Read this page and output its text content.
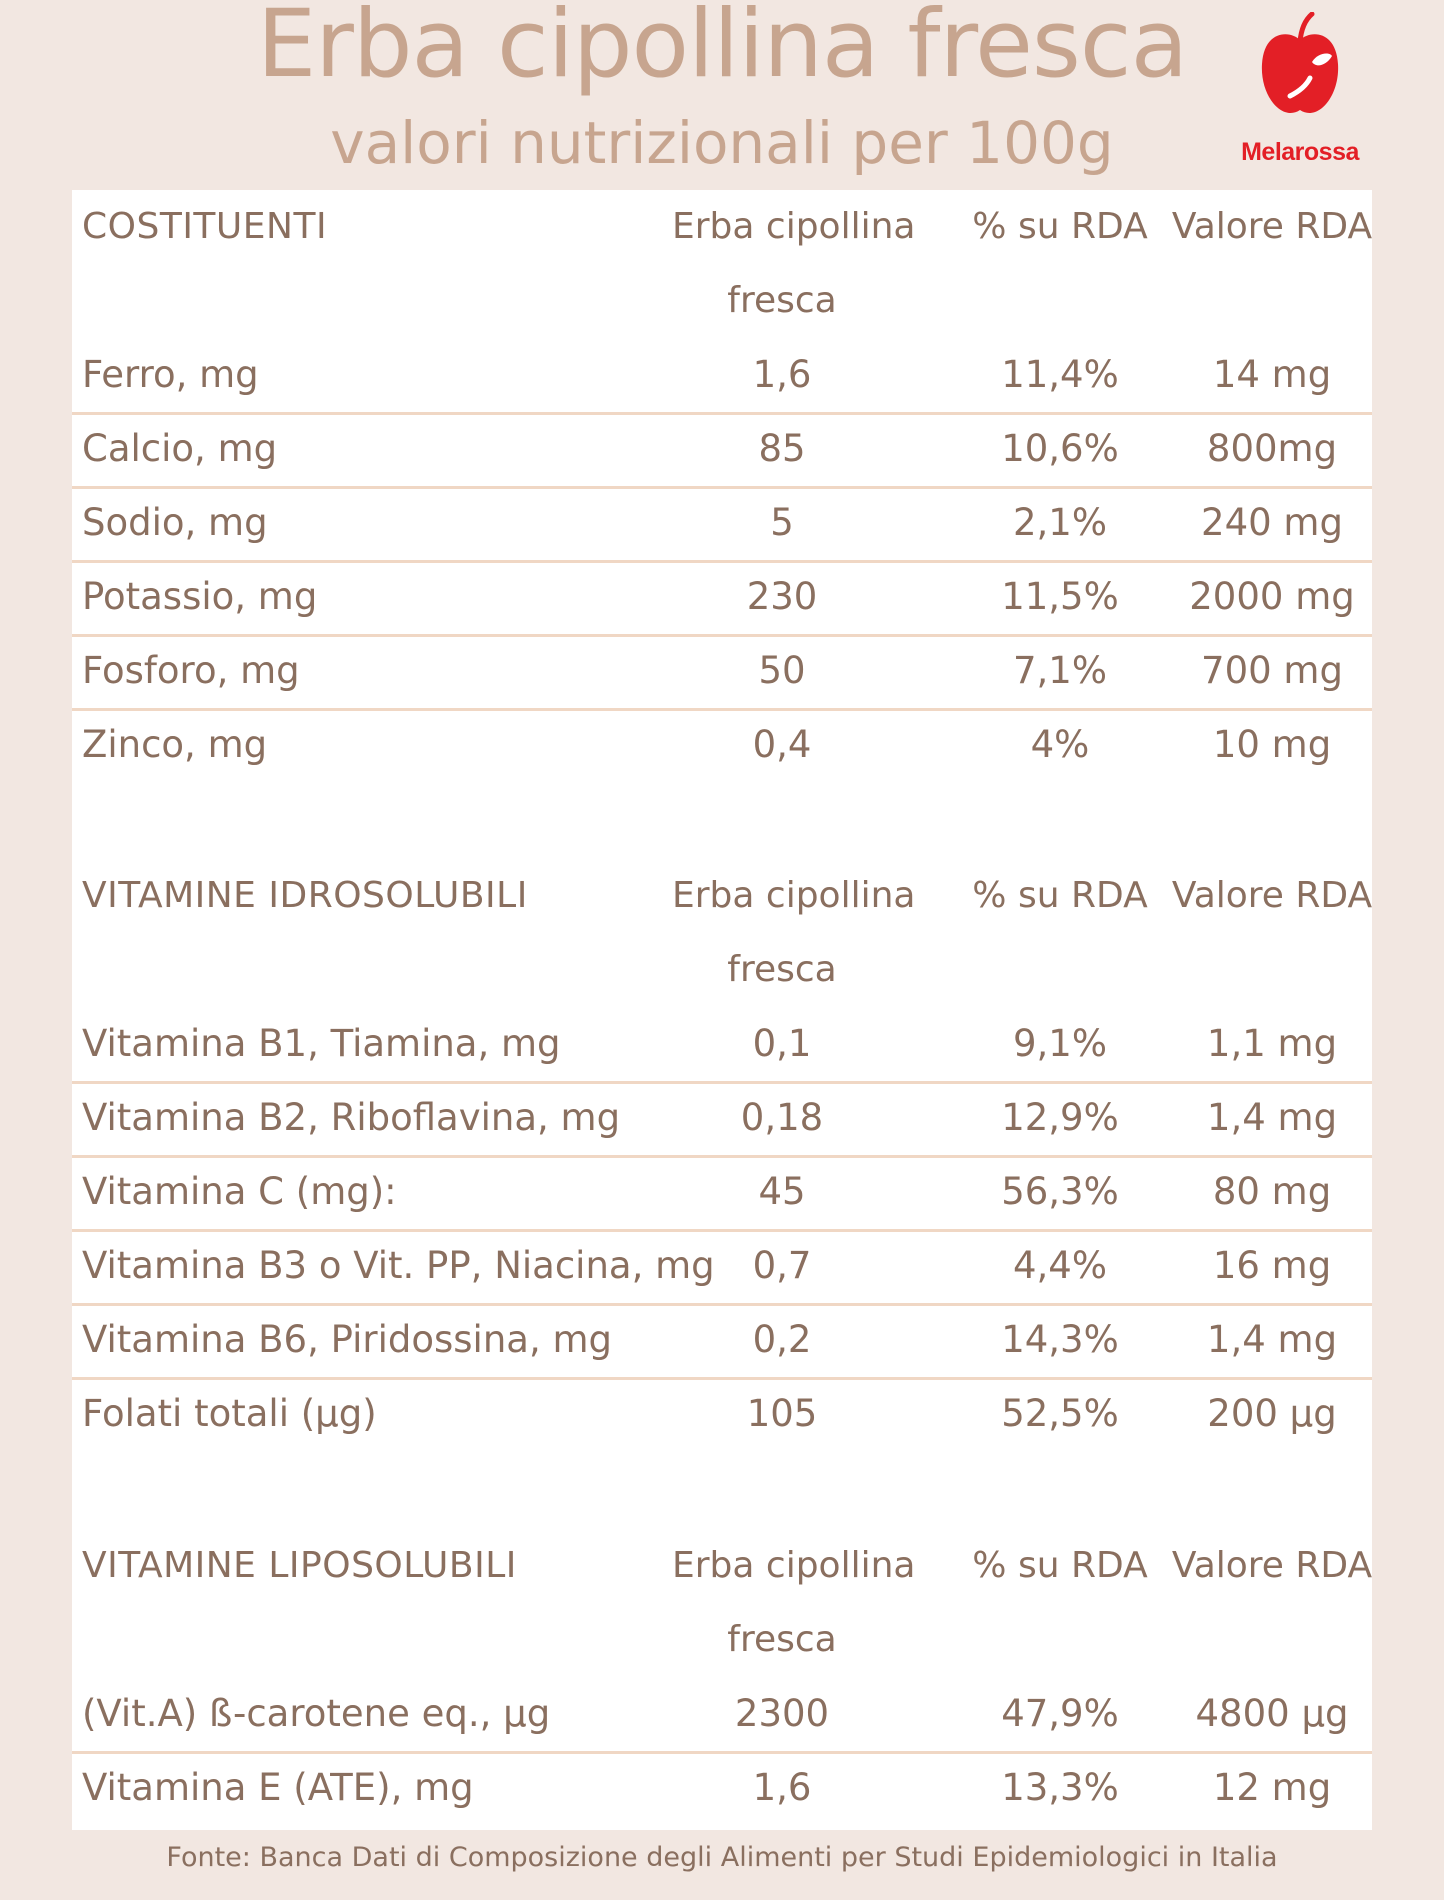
Erba cipollina fresca
valori nutrizionali per 100g	Melarossa
COSTITUENTI	Erba cipollina	% su RDA Valore RDA
fresca
Ferro, mg	1,6	11,4%	14 mg
Calcio, mg	85	10,6%	800mg
Sodio, mg	5	2,1%	240 mg
Potassio, mg	230	11,5%	2000 mg
Fosforo, mg	50	7,1%	700 mg
Zinco, mg	0,4	4%	10 mg
VITAMINE IDROSOLUBILI	Erba cipollina	% su RDA Valore RDA
fresca
Vitamina B1, Tiamina, mg	0,1	9,1%	1,1 mg
Vitamina B2, Riboflavina, mg	0,18	12,9%	1,4 mg
Vitamina C (mg):	45	56,3%	80 mg
Vitamina B3 o Vit. PP, Niacina, mg	0,7	4,4%	16 mg
Vitamina B6, Piridossina, mg	0,2	14,3%	1,4 mg
Folati totali (µg)	105	52,5%	200 µg
VITAMINE LIPOSOLUBILI	Erba cipollina	% su RDA Valore RDA
fresca
(Vit.A) ß-carotene eq., µg	2300	47,9%	4800 µg
Vitamina E (ATE), mg	1,6	13,3%	12 mg
Fonte: Banca Dati di Composizione degli Alimenti per Studi Epidemiologici in Italia
